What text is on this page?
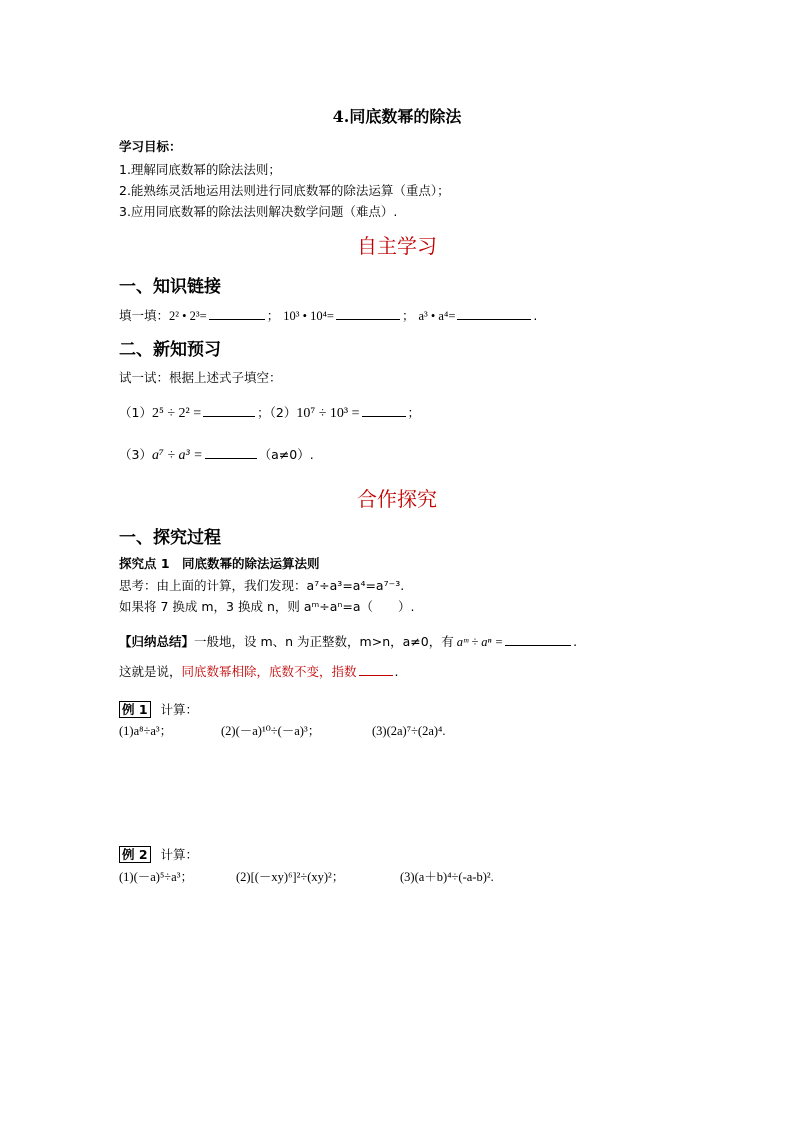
4.同底数幂的除法
学习目标：
1.理解同底数幂的除法法则；
2.能熟练灵活地运用法则进行同底数幂的除法运算（重点）；
3.应用同底数幂的除法法则解决数学问题（难点）.
自主学习
一、知识链接
填一填：2² • 2³=	； 10³ • 10⁴=	； a³ • a⁴=	.
二、新知预习
试一试：根据上述式子填空：
（1）2⁵ ÷ 2² =	；（2）10⁷ ÷ 10³ =	；
（3）a⁷ ÷ a³ =	（a≠0）.
合作探究
一、探究过程
探究点 1　同底数幂的除法运算法则
思考：由上面的计算，我们发现：a⁷÷a³=a⁴=a⁷⁻³.
如果将 7 换成 m，3 换成 n，则 aᵐ÷aⁿ=a（　　）.
【归纳总结】一般地，设 m、n 为正整数，m>n，a≠0，有 aᵐ ÷ aⁿ =	.
这就是说，同底数幂相除，底数不变，指数	.
例 1 计算：
(1)a⁸÷a³；	(2)(－a)¹⁰÷(－a)³；	(3)(2a)⁷÷(2a)⁴.
例 2 计算：
(1)(－a)⁵÷a³；	(2)[(－xy)⁶]²÷(xy)²；	(3)(a＋b)⁴÷(-a-b)².
